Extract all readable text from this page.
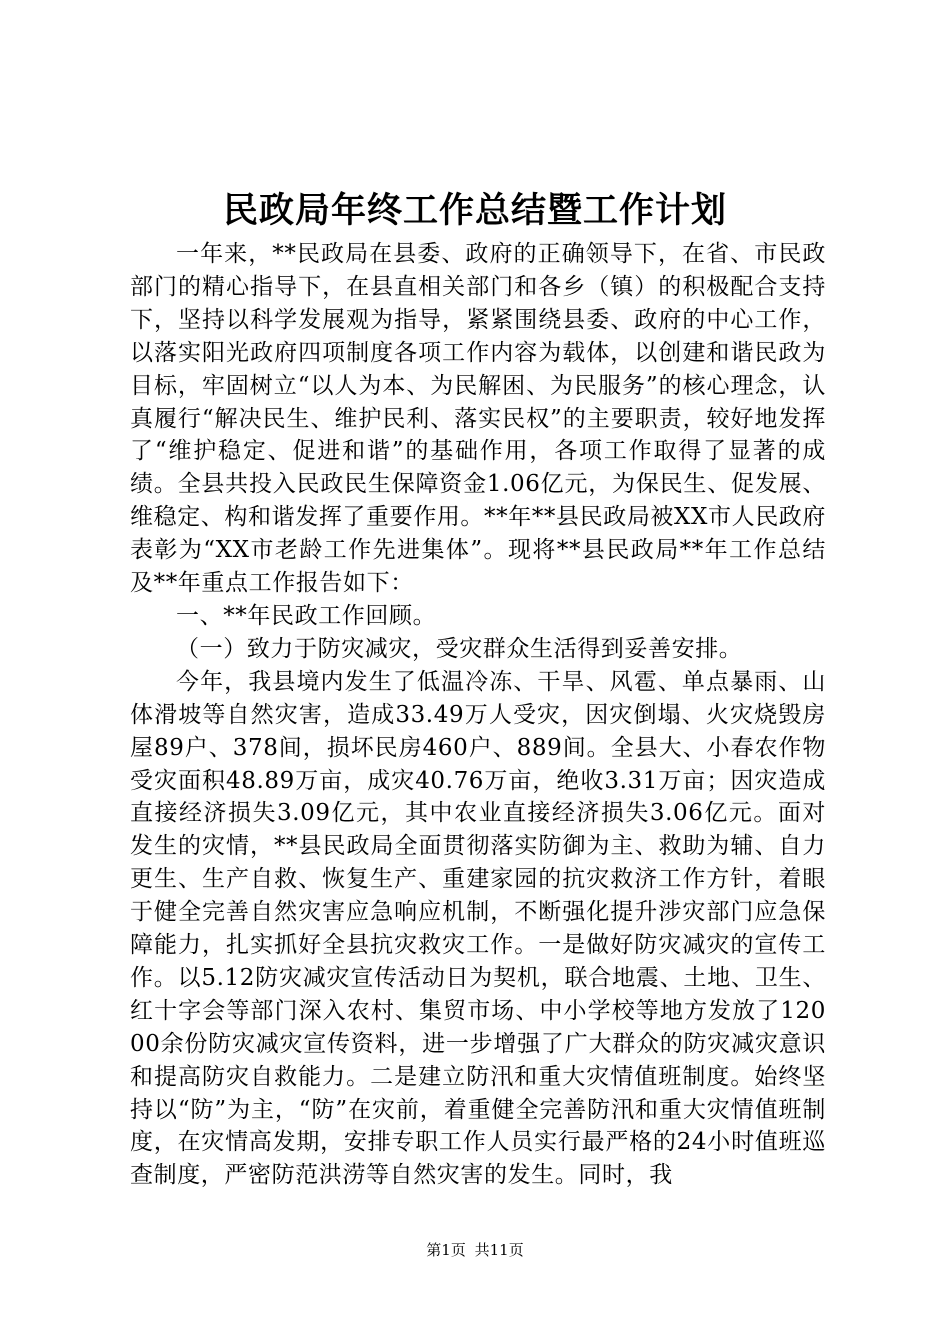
民政局年终工作总结暨工作计划

一年来，**民政局在县委、政府的正确领导下，在省、市民政部门的精心指导下，在县直相关部门和各乡（镇）的积极配合支持下，坚持以科学发展观为指导，紧紧围绕县委、政府的中心工作，以落实阳光政府四项制度各项工作内容为载体，以创建和谐民政为目标，牢固树立“以人为本、为民解困、为民服务”的核心理念，认真履行“解决民生、维护民利、落实民权”的主要职责，较好地发挥了“维护稳定、促进和谐”的基础作用，各项工作取得了显著的成绩。全县共投入民政民生保障资金1.06亿元，为保民生、促发展、维稳定、构和谐发挥了重要作用。**年**县民政局被XX市人民政府表彰为“XX市老龄工作先进集体”。现将**县民政局**年工作总结及**年重点工作报告如下：

一、**年民政工作回顾。

（一）致力于防灾减灾，受灾群众生活得到妥善安排。

今年，我县境内发生了低温冷冻、干旱、风雹、单点暴雨、山体滑坡等自然灾害，造成33.49万人受灾，因灾倒塌、火灾烧毁房屋89户、378间，损坏民房460户、889间。全县大、小春农作物受灾面积48.89万亩，成灾40.76万亩，绝收3.31万亩；因灾造成直接经济损失3.09亿元，其中农业直接经济损失3.06亿元。面对发生的灾情，**县民政局全面贯彻落实防御为主、救助为辅、自力更生、生产自救、恢复生产、重建家园的抗灾救济工作方针，着眼于健全完善自然灾害应急响应机制，不断强化提升涉灾部门应急保障能力，扎实抓好全县抗灾救灾工作。一是做好防灾减灾的宣传工作。以5.12防灾减灾宣传活动日为契机，联合地震、土地、卫生、红十字会等部门深入农村、集贸市场、中小学校等地方发放了12000余份防灾减灾宣传资料，进一步增强了广大群众的防灾减灾意识和提高防灾自救能力。二是建立防汛和重大灾情值班制度。始终坚持以“防”为主，“防”在灾前，着重健全完善防汛和重大灾情值班制度，在灾情高发期，安排专职工作人员实行最严格的24小时值班巡查制度，严密防范洪涝等自然灾害的发生。同时，我

第1页 共11页
